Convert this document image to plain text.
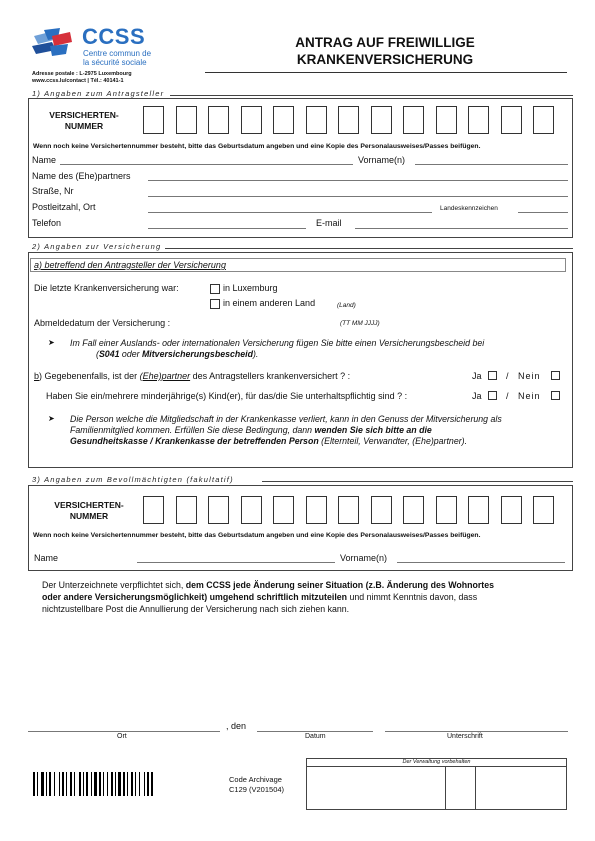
CCSS
Centre commun de
la sécurité sociale
Adresse postale : L-2975 Luxembourg
www.ccss.lu/contact | Tél.: 40141-1
ANTRAG AUF FREIWILLIGE
KRANKENVERSICHERUNG
1) Angaben zum Antragsteller
VERSICHERTEN-
NUMMER
Wenn noch keine Versichertennummer besteht, bitte das Geburtsdatum angeben und eine Kopie des Personalausweises/Passes beifügen.
Name	Vorname(n)
Name des (Ehe)partners
Straße, Nr
Postleitzahl, Ort	Landeskennzeichen
Telefon	E-mail
2) Angaben zur Versicherung
a) betreffend den Antragsteller der Versicherung
Die letzte Krankenversicherung war:	in Luxemburg
in einem anderen Land	(Land)
Abmeldedatum der Versicherung :	(TT MM JJJJ)
➤ Im Fall einer Auslands- oder internationalen Versicherung fügen Sie bitte einen Versicherungsbescheid bei
(S041 oder Mitversicherungsbescheid).
b) Gegebenenfalls, ist der (Ehe)partner des Antragstellers krankenversichert ? :	Ja	/ Nein
Haben Sie ein/mehrere minderjährige(s) Kind(er), für das/die Sie unterhaltspflichtig sind ? :	Ja	/ Nein
➤ Die Person welche die Mitgliedschaft in der Krankenkasse verliert, kann in den Genuss der Mitversicherung als
Familienmitglied kommen. Erfüllen Sie diese Bedingung, dann wenden Sie sich bitte an die
Gesundheitskasse / Krankenkasse der betreffenden Person (Elternteil, Verwandter, (Ehe)partner).
3) Angaben zum Bevollmächtigten (fakultatif)
VERSICHERTEN-
NUMMER
Wenn noch keine Versichertennummer besteht, bitte das Geburtsdatum angeben und eine Kopie des Personalausweises/Passes beifügen.
Name	Vorname(n)
Der Unterzeichnete verpflichtet sich, dem CCSS jede Änderung seiner Situation (z.B. Änderung des Wohnortes
oder andere Versicherungsmöglichkeit) umgehend schriftlich mitzuteilen und nimmt Kenntnis davon, dass
nichtzustellbare Post die Annullierung der Versicherung nach sich ziehen kann.
, den
Ort	Datum	Unterschrift
Code Archivage
C129 (V201504)
Der Verwaltung vorbehalten
